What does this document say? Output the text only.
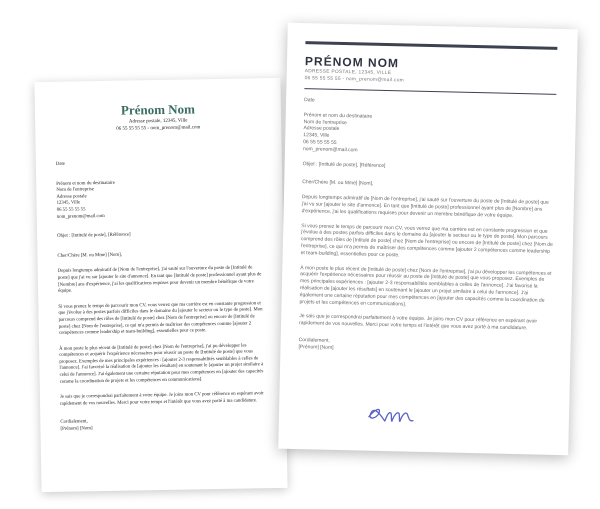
Prénom Nom
Adresse postale, 12345, Ville
06 55 55 55 55 - nom_prenom@mail.com

Date

Prénom et nom du destinataire

Nom de l'entreprise

Adresse postale

12345, Ville

06 55 55 55 55

nom_prenom@mail.com

Objet : [Intitulé de poste], [Référence]

Cher/Chère [M. ou Mme] [Nom],

Depuis longtemps admiratif de [Nom de l'entreprise], j'ai sauté sur l'ouverture du poste de [Intitulé de poste] que j'ai vu sur [ajouter le site d'annonce]. En tant que [Intitulé de poste] professionnel ayant plus de [Nombre] ans d'expérience, j'ai les qualifications requises pour devenir un membre bénéfique de votre équipe.

Si vous prenez le temps de parcourir mon CV, vous verrez que ma carrière est en constante progression et que j'évolue à des postes parfois difficiles dans le domaine du [ajouter le secteur ou le type de poste]. Mon parcours comprend des rôles de [Intitulé de poste] chez [Nom de l'entreprise] ou encore de [Intitulé de poste] chez [Nom de l'entreprise], ce qui m'a permis de maîtriser des compétences comme [ajouter 2 compétences comme leadership et team-building], essentielles pour ce poste.

À mon poste le plus récent de [Intitulé de poste] chez [Nom de l'entreprise], j'ai pu développer les compétences et acquérir l'expérience nécessaires pour réussir au poste de [Intitulé de poste] que vous proposez. Exemples de mes principales expériences : [ajouter 2-3 responsabilités semblables à celles de l'annonce]. J'ai favorisé la réalisation de [ajouter les résultats] en soutenant le [ajouter un projet similaire à celui de l'annonce]. J'ai également une certaine réputation pour mes compétences en [ajouter des capacités comme la coordination de projets et les compétences en communications].

Je sais que je correspondrai parfaitement à votre équipe. Je joins mon CV pour référence en espérant avoir rapidement de vos nouvelles. Merci pour votre temps et l'intérêt que vous avez porté à ma candidature.

Cordialement,

[Prénom] [Nom]

PRÉNOM NOM
ADRESSE POSTALE, 12345, VILLE
06 55 55 55 55 - nom_prenom@mail.com

Date

Prénom et nom du destinataire

Nom de l'entreprise

Adresse postale

12345, Ville

06 55 55 55 55

nom_prenom@mail.com

Objet : [Intitulé de poste], [Référence]

Cher/Chère [M. ou Mme] [Nom],

Depuis longtemps admiratif de [Nom de l'entreprise], j'ai sauté sur l'ouverture du poste de [Intitulé de poste] que j'ai vu sur [ajouter le site d'annonce]. En tant que [Intitulé de poste] professionnel ayant plus de [Nombre] ans d'expérience, j'ai les qualifications requises pour devenir un membre bénéfique de votre équipe.

Si vous prenez le temps de parcourir mon CV, vous verrez que ma carrière est en constante progression et que j'évolue à des postes parfois difficiles dans le domaine du [ajouter le secteur ou le type de poste]. Mon parcours comprend des rôles de [Intitulé de poste] chez [Nom de l'entreprise] ou encore de [Intitulé de poste] chez [Nom de l'entreprise], ce qui m'a permis de maîtriser des compétences comme [ajouter 2 compétences comme leadership et team-building], essentielles pour ce poste.

À mon poste le plus récent de [Intitulé de poste] chez [Nom de l'entreprise], j'ai pu développer les compétences et acquérir l'expérience nécessaires pour réussir au poste de [Intitulé de poste] que vous proposez. Exemples de mes principales expériences : [ajouter 2-3 responsabilités semblables à celles de l'annonce]. J'ai favorisé la réalisation de [ajouter les résultats] en soutenant le [ajouter un projet similaire à celui de l'annonce]. J'ai également une certaine réputation pour mes compétences en [ajouter des capacités comme la coordination de projets et les compétences en communications].

Je sais que je correspondrai parfaitement à votre équipe. Je joins mon CV pour référence en espérant avoir rapidement de vos nouvelles. Merci pour votre temps et l'intérêt que vous avez porté à ma candidature.

Cordialement,

[Prénom] [Nom]
